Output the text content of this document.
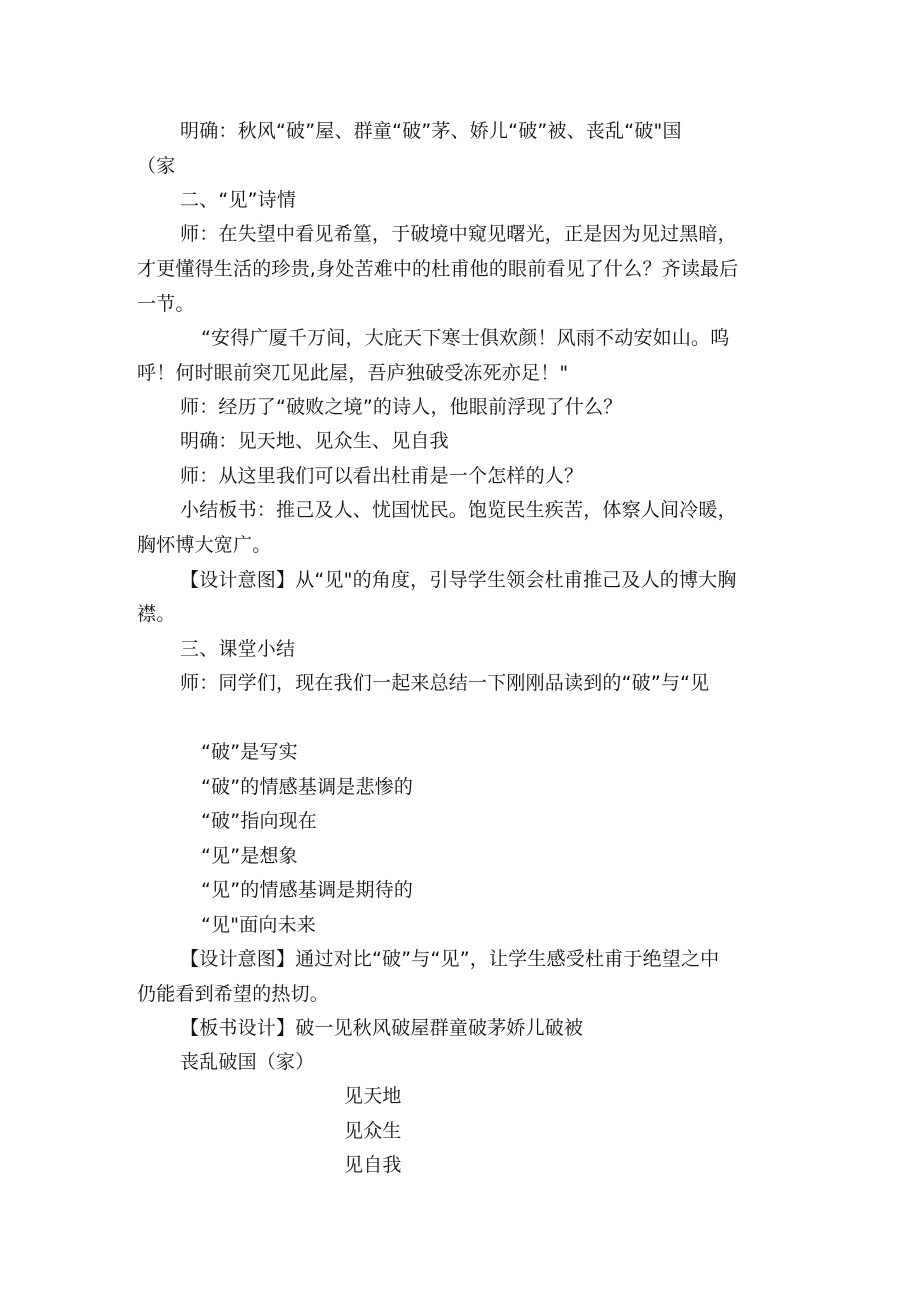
明确：秋风“破”屋、群童“破”茅、娇儿“破”被、丧乱“破"国
（家
二、“见”诗情
师：在失望中看见希篁，于破境中窥见曙光，正是因为见过黑暗，
才更懂得生活的珍贵,身处苦难中的杜甫他的眼前看见了什么？齐读最后
一节。
“安得广厦千万间，大庇天下寒士俱欢颜！风雨不动安如山。呜
呼！何时眼前突兀见此屋，吾庐独破受冻死亦足！"
师：经历了“破败之境”的诗人，他眼前浮现了什么？
明确：见天地、见众生、见自我
师：从这里我们可以看出杜甫是一个怎样的人？
小结板书：推己及人、忧国忧民。饱览民生疾苦，体察人间冷暖，
胸怀博大宽广。
【设计意图】从“见"的角度，引导学生领会杜甫推己及人的博大胸
襟。
三、课堂小结
师：同学们，现在我们一起来总结一下刚刚品读到的“破”与“见
“破”是写实
“破”的情感基调是悲惨的
“破”指向现在
“见”是想象
“见”的情感基调是期待的
“见"面向未来
【设计意图】通过对比“破”与“见”，让学生感受杜甫于绝望之中
仍能看到希望的热切。
【板书设计】破一见秋风破屋群童破茅娇儿破被
丧乱破国（家）
见天地
见众生
见自我
